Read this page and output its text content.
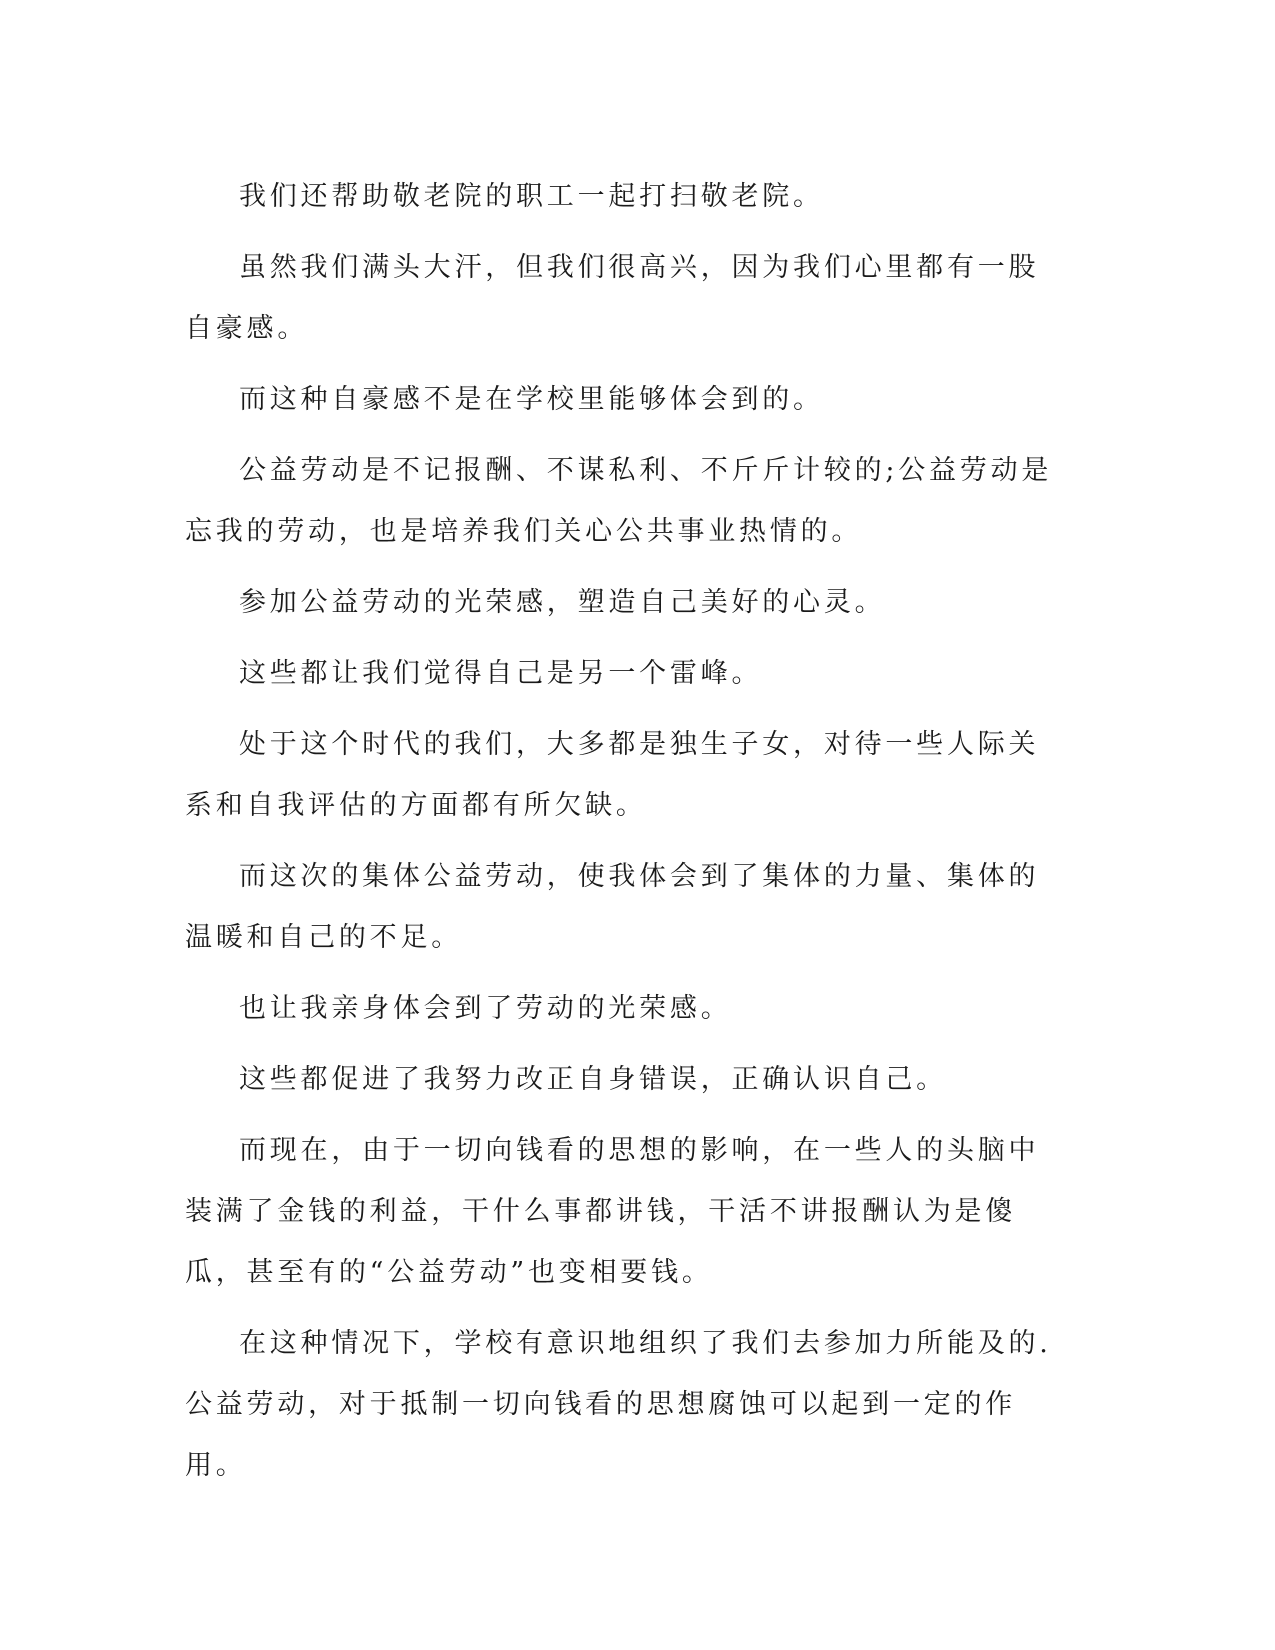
我们还帮助敬老院的职工一起打扫敬老院。

虽然我们满头大汗，但我们很高兴，因为我们心里都有一股自豪感。

而这种自豪感不是在学校里能够体会到的。

公益劳动是不记报酬、不谋私利、不斤斤计较的;公益劳动是忘我的劳动，也是培养我们关心公共事业热情的。

参加公益劳动的光荣感，塑造自己美好的心灵。

这些都让我们觉得自己是另一个雷峰。

处于这个时代的我们，大多都是独生子女，对待一些人际关系和自我评估的方面都有所欠缺。

而这次的集体公益劳动，使我体会到了集体的力量、集体的温暖和自己的不足。

也让我亲身体会到了劳动的光荣感。

这些都促进了我努力改正自身错误，正确认识自己。

而现在，由于一切向钱看的思想的影响，在一些人的头脑中装满了金钱的利益，干什么事都讲钱，干活不讲报酬认为是傻瓜，甚至有的“公益劳动”也变相要钱。

在这种情况下，学校有意识地组织了我们去参加力所能及的.公益劳动，对于抵制一切向钱看的思想腐蚀可以起到一定的作用。
